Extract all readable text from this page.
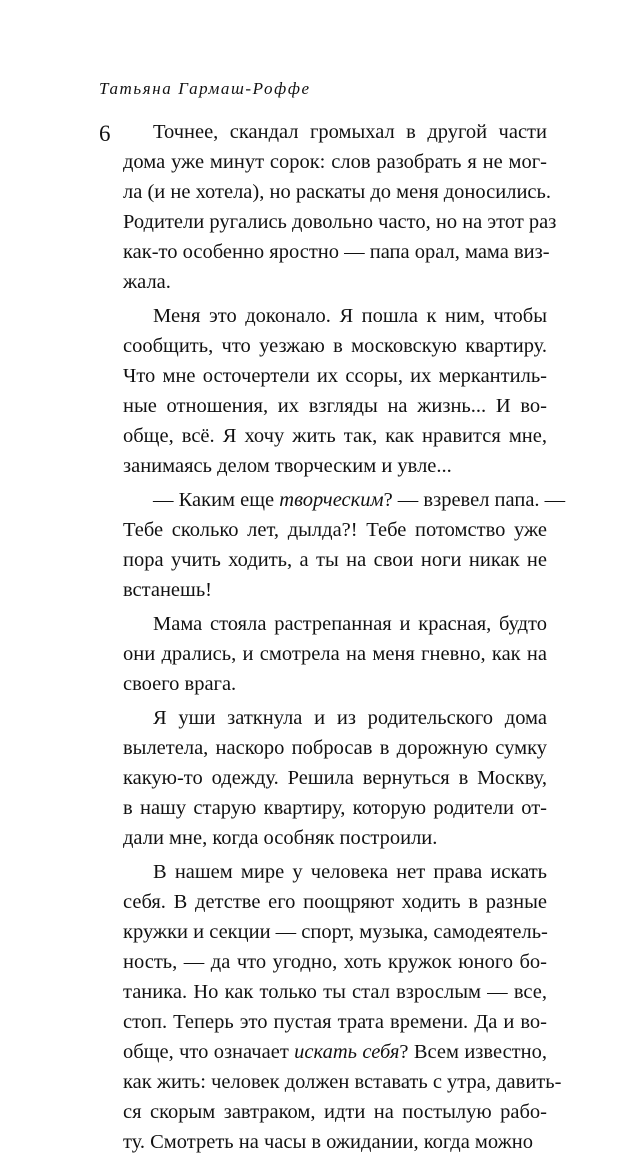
Татьяна Гармаш-Роффе
6	Точнее, скандал громыхал в другой части
дома уже минут сорок: слов разобрать я не мог-
ла (и не хотела), но раскаты до меня доносились.
Родители ругались довольно часто, но на этот раз
как-то особенно яростно — папа орал, мама виз-
жала.
Меня это доконало. Я пошла к ним, чтобы
сообщить, что уезжаю в московскую квартиру.
Что мне осточертели их ссоры, их меркантиль-
ные отношения, их взгляды на жизнь... И во-
обще, всё. Я хочу жить так, как нравится мне,
занимаясь делом творческим и увле...
— Каким еще творческим? — взревел папа. —
Тебе сколько лет, дылда?! Тебе потомство уже
пора учить ходить, а ты на свои ноги никак не
встанешь!
Мама стояла растрепанная и красная, будто
они дрались, и смотрела на меня гневно, как на
своего врага.
Я уши заткнула и из родительского дома
вылетела, наскоро побросав в дорожную сумку
какую-то одежду. Решила вернуться в Москву,
в нашу старую квартиру, которую родители от-
дали мне, когда особняк построили.
В нашем мире у человека нет права искать
себя. В детстве его поощряют ходить в разные
кружки и секции — спорт, музыка, самодеятель-
ность, — да что угодно, хоть кружок юного бо-
таника. Но как только ты стал взрослым — все,
стоп. Теперь это пустая трата времени. Да и во-
обще, что означает искать себя? Всем известно,
как жить: человек должен вставать с утра, давить-
ся скорым завтраком, идти на постылую рабо-
ту. Смотреть на часы в ожидании, когда можно
